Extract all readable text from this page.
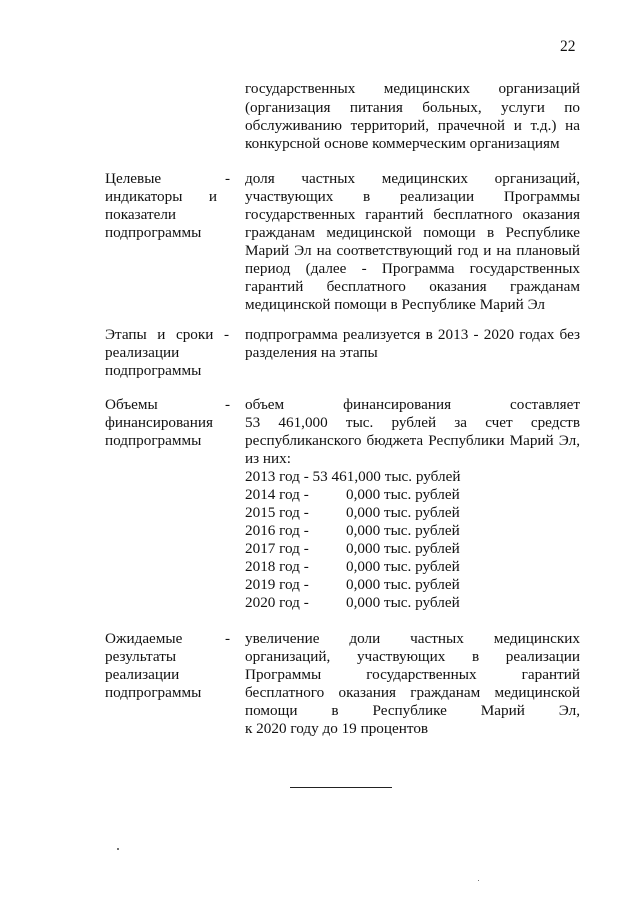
22
государственных медицинских организаций
(организация питания больных, услуги по
обслуживанию территорий, прачечной и т.д.) на
конкурсной основе коммерческим организациям
Целевые
индикаторы и
показатели
подпрограммы
- доля частных медицинских организаций,
участвующих в реализации Программы
государственных гарантий бесплатного оказания
гражданам медицинской помощи в Республике
Марий Эл на соответствующий год и на плановый
период (далее - Программа государственных
гарантий бесплатного оказания гражданам
медицинской помощи в Республике Марий Эл
Этапы и сроки -
реализации
подпрограммы
подпрограмма реализуется в 2013 - 2020 годах без
разделения на этапы
Объемы
финансирования
подпрограммы
- объем финансирования составляет
53 461,000 тыс. рублей за счет средств
республиканского бюджета Республики Марий Эл,
из них:
2013 год - 53 461,000 тыс. рублей
2014 год - 0,000 тыс. рублей
2015 год - 0,000 тыс. рублей
2016 год - 0,000 тыс. рублей
2017 год - 0,000 тыс. рублей
2018 год - 0,000 тыс. рублей
2019 год - 0,000 тыс. рублей
2020 год - 0,000 тыс. рублей
Ожидаемые
результаты
реализации
подпрограммы
- увеличение доли частных медицинских
организаций, участвующих в реализации
Программы государственных гарантий
бесплатного оказания гражданам медицинской
помощи в Республике Марий Эл,
к 2020 году до 19 процентов
